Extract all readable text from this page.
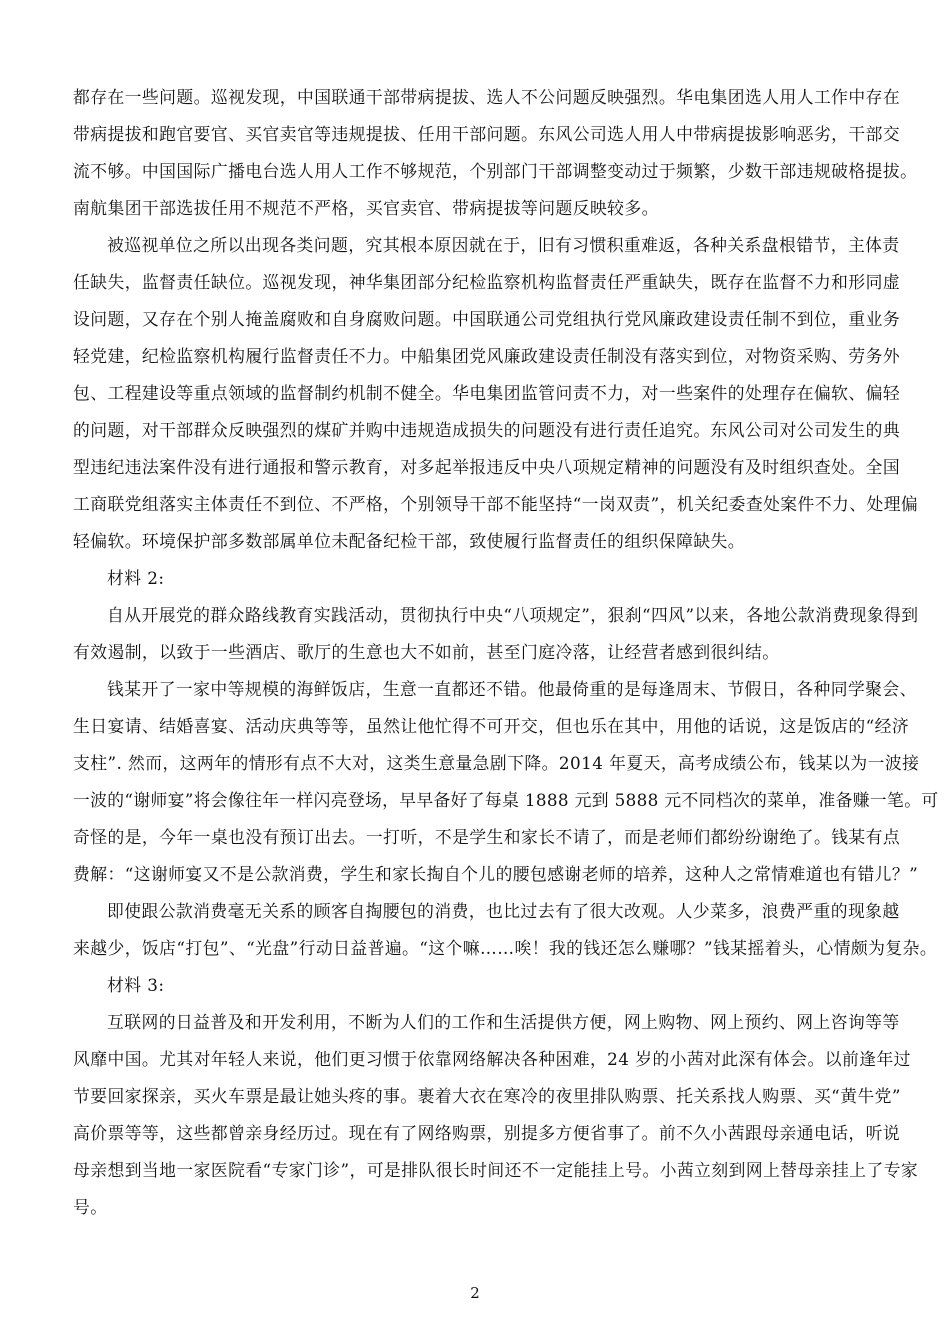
都存在一些问题。巡视发现，中国联通干部带病提拔、选人不公问题反映强烈。华电集团选人用人工作中存在
带病提拔和跑官要官、买官卖官等违规提拔、任用干部问题。东风公司选人用人中带病提拔影响恶劣，干部交
流不够。中国国际广播电台选人用人工作不够规范，个别部门干部调整变动过于频繁，少数干部违规破格提拔。
南航集团干部选拔任用不规范不严格，买官卖官、带病提拔等问题反映较多。
被巡视单位之所以出现各类问题，究其根本原因就在于，旧有习惯积重难返，各种关系盘根错节，主体责
任缺失，监督责任缺位。巡视发现，神华集团部分纪检监察机构监督责任严重缺失，既存在监督不力和形同虚
设问题，又存在个别人掩盖腐败和自身腐败问题。中国联通公司党组执行党风廉政建设责任制不到位，重业务
轻党建，纪检监察机构履行监督责任不力。中船集团党风廉政建设责任制没有落实到位，对物资采购、劳务外
包、工程建设等重点领域的监督制约机制不健全。华电集团监管问责不力，对一些案件的处理存在偏软、偏轻
的问题，对干部群众反映强烈的煤矿并购中违规造成损失的问题没有进行责任追究。东风公司对公司发生的典
型违纪违法案件没有进行通报和警示教育，对多起举报违反中央八项规定精神的问题没有及时组织查处。全国
工商联党组落实主体责任不到位、不严格，个别领导干部不能坚持“一岗双责”，机关纪委查处案件不力、处理偏
轻偏软。环境保护部多数部属单位未配备纪检干部，致使履行监督责任的组织保障缺失。
材料 2:
自从开展党的群众路线教育实践活动，贯彻执行中央“八项规定”，狠刹“四风”以来，各地公款消费现象得到
有效遏制，以致于一些酒店、歌厅的生意也大不如前，甚至门庭冷落，让经营者感到很纠结。
钱某开了一家中等规模的海鲜饭店，生意一直都还不错。他最倚重的是每逢周末、节假日，各种同学聚会、
生日宴请、结婚喜宴、活动庆典等等，虽然让他忙得不可开交，但也乐在其中，用他的话说，这是饭店的“经济
支柱”. 然而，这两年的情形有点不大对，这类生意量急剧下降。2014 年夏天，高考成绩公布，钱某以为一波接
一波的“谢师宴”将会像往年一样闪亮登场，早早备好了每桌 1888 元到 5888 元不同档次的菜单，准备赚一笔。可
奇怪的是，今年一桌也没有预订出去。一打听，不是学生和家长不请了，而是老师们都纷纷谢绝了。钱某有点
费解：“这谢师宴又不是公款消费，学生和家长掏自个儿的腰包感谢老师的培养，这种人之常情难道也有错儿？”
即使跟公款消费毫无关系的顾客自掏腰包的消费，也比过去有了很大改观。人少菜多，浪费严重的现象越
来越少，饭店“打包”、“光盘”行动日益普遍。“这个嘛……唉！我的钱还怎么赚哪？”钱某摇着头，心情颇为复杂。
材料 3:
互联网的日益普及和开发利用，不断为人们的工作和生活提供方便，网上购物、网上预约、网上咨询等等
风靡中国。尤其对年轻人来说，他们更习惯于依靠网络解决各种困难，24 岁的小茜对此深有体会。以前逢年过
节要回家探亲，买火车票是最让她头疼的事。裹着大衣在寒冷的夜里排队购票、托关系找人购票、买“黄牛党”
高价票等等，这些都曾亲身经历过。现在有了网络购票，别提多方便省事了。前不久小茜跟母亲通电话，听说
母亲想到当地一家医院看“专家门诊”，可是排队很长时间还不一定能挂上号。小茜立刻到网上替母亲挂上了专家
号。
2
